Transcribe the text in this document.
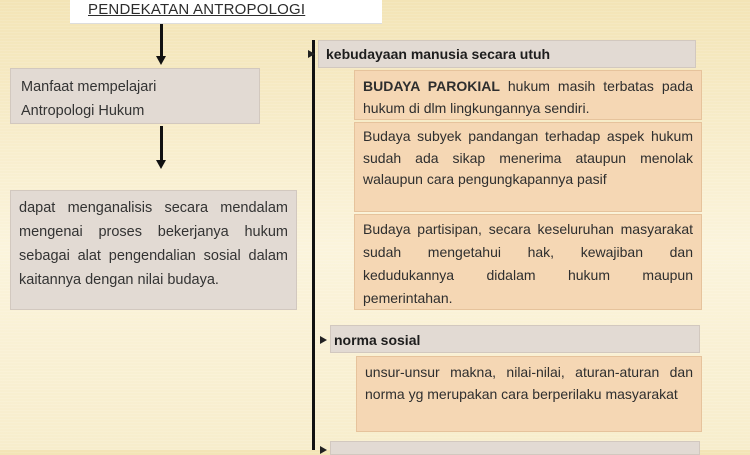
PENDEKATAN ANTROPOLOGI
Manfaat mempelajari Antropologi Hukum
dapat menganalisis secara mendalam mengenai proses bekerjanya hukum sebagai alat pengendalian sosial dalam kaitannya dengan nilai budaya.
kebudayaan manusia secara utuh
BUDAYA PAROKIAL hukum masih terbatas pada hukum di dlm lingkungannya sendiri.
Budaya subyek pandangan terhadap aspek hukum sudah ada sikap menerima ataupun menolak walaupun cara pengungkapannya pasif
Budaya partisipan, secara keseluruhan masyarakat sudah mengetahui hak, kewajiban dan kedudukannya didalam hukum maupun pemerintahan.
norma sosial
unsur-unsur makna, nilai-nilai, aturan-aturan dan norma yg merupakan cara berperilaku masyarakat
